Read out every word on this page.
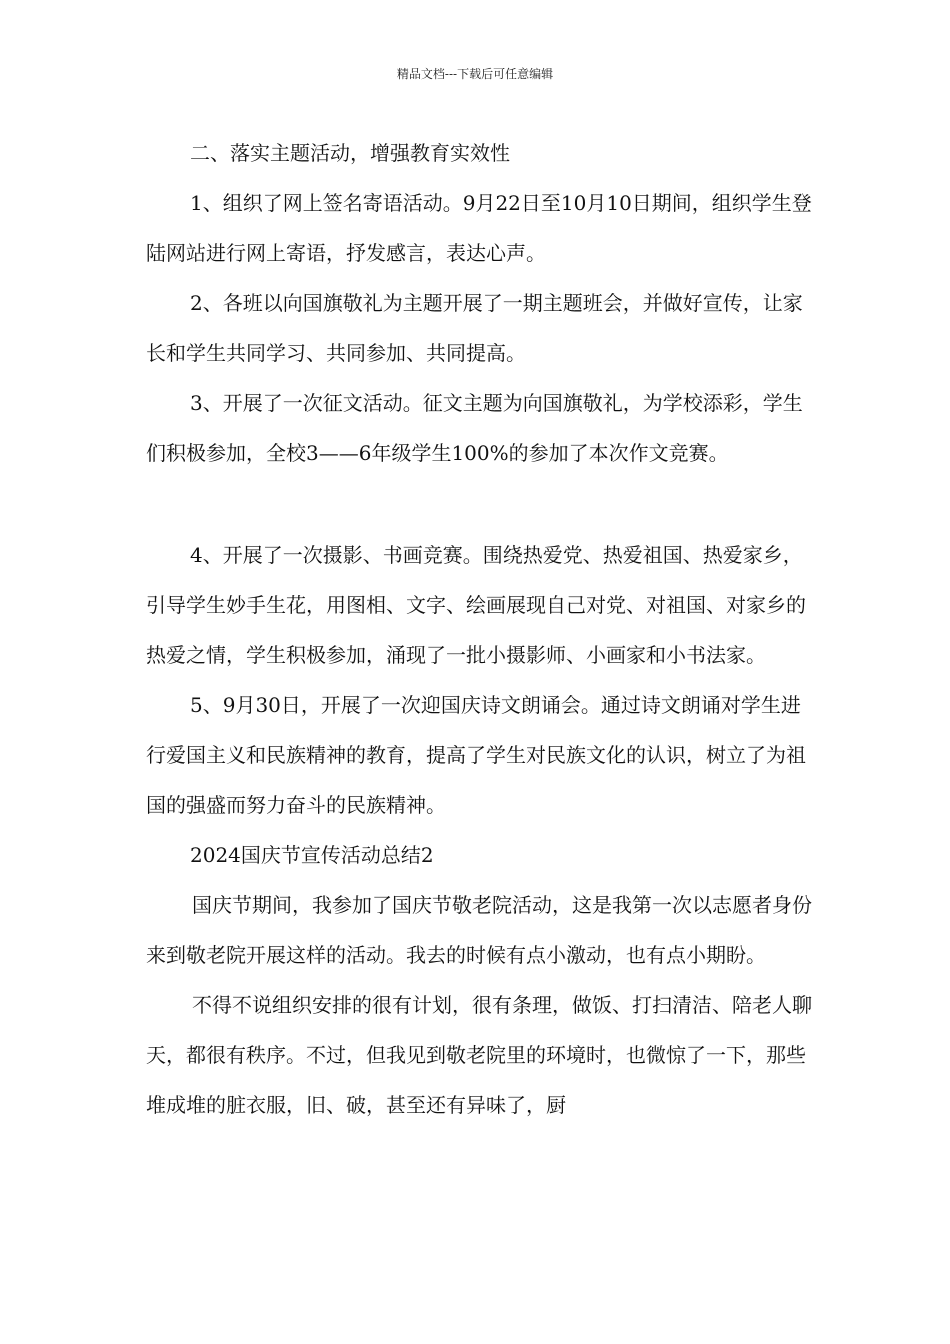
精品文档---下载后可任意编辑

二、落实主题活动，增强教育实效性

1、组织了网上签名寄语活动。9月22日至10月10日期间，组织学生登陆网站进行网上寄语，抒发感言，表达心声。

2、各班以向国旗敬礼为主题开展了一期主题班会，并做好宣传，让家长和学生共同学习、共同参加、共同提高。

3、开展了一次征文活动。征文主题为向国旗敬礼，为学校添彩，学生们积极参加，全校3——6年级学生100%的参加了本次作文竞赛。

4、开展了一次摄影、书画竞赛。围绕热爱党、热爱祖国、热爱家乡，引导学生妙手生花，用图相、文字、绘画展现自己对党、对祖国、对家乡的热爱之情，学生积极参加，涌现了一批小摄影师、小画家和小书法家。

5、9月30日，开展了一次迎国庆诗文朗诵会。通过诗文朗诵对学生进行爱国主义和民族精神的教育，提高了学生对民族文化的认识，树立了为祖国的强盛而努力奋斗的民族精神。

2024国庆节宣传活动总结2

国庆节期间，我参加了国庆节敬老院活动，这是我第一次以志愿者身份来到敬老院开展这样的活动。我去的时候有点小激动，也有点小期盼。

不得不说组织安排的很有计划，很有条理，做饭、打扫清洁、陪老人聊天，都很有秩序。不过，但我见到敬老院里的环境时，也微惊了一下，那些堆成堆的脏衣服，旧、破，甚至还有异味了，厨
